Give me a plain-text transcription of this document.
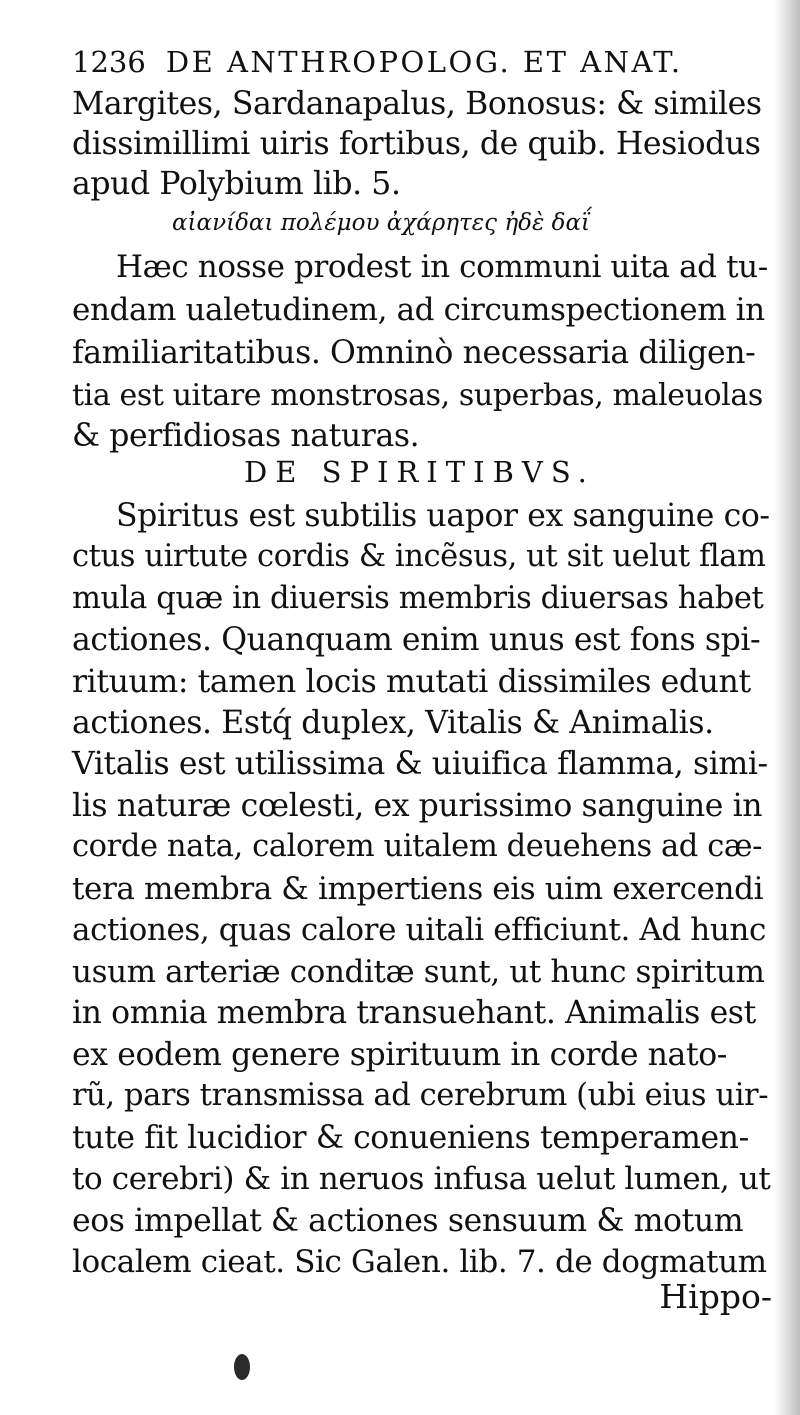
1236 DE ANTHROPOLOG. ET ANAT.
Margites, Sardanapalus, Bonosus: & similes
dissimillimi uiris fortibus, de quib. Hesiodus
apud Polybium lib. 5.
αἰανίδαι πολέμου ἀχάρητες ἠδὲ δαΐ
Hæc nosse prodest in communi uita ad tu-
endam ualetudinem, ad circumspectionem in
familiaritatibus. Omninò necessaria diligen-
tia est uitare monstrosas, superbas, maleuolas
& perfidiosas naturas.
DE SPIRITIBVS.
Spiritus est subtilis uapor ex sanguine co-
ctus uirtute cordis & incẽsus, ut sit uelut flam
mula quæ in diuersis membris diuersas habet
actiones. Quanquam enim unus est fons spi-
rituum: tamen locis mutati dissimiles edunt
actiones. Estq́ duplex, Vitalis & Animalis.
Vitalis est utilissima & uiuifica flamma, simi-
lis naturæ cœlesti, ex purissimo sanguine in
corde nata, calorem uitalem deuehens ad cæ-
tera membra & impertiens eis uim exercendi
actiones, quas calore uitali efficiunt. Ad hunc
usum arteriæ conditæ sunt, ut hunc spiritum
in omnia membra transuehant. Animalis est
ex eodem genere spirituum in corde nato-
rũ, pars transmissa ad cerebrum (ubi eius uir-
tute fit lucidior & conueniens temperamen-
to cerebri) & in neruos infusa uelut lumen, ut
eos impellat & actiones sensuum & motum
localem cieat. Sic Galen. lib. 7. de dogmatum
Hippo-
